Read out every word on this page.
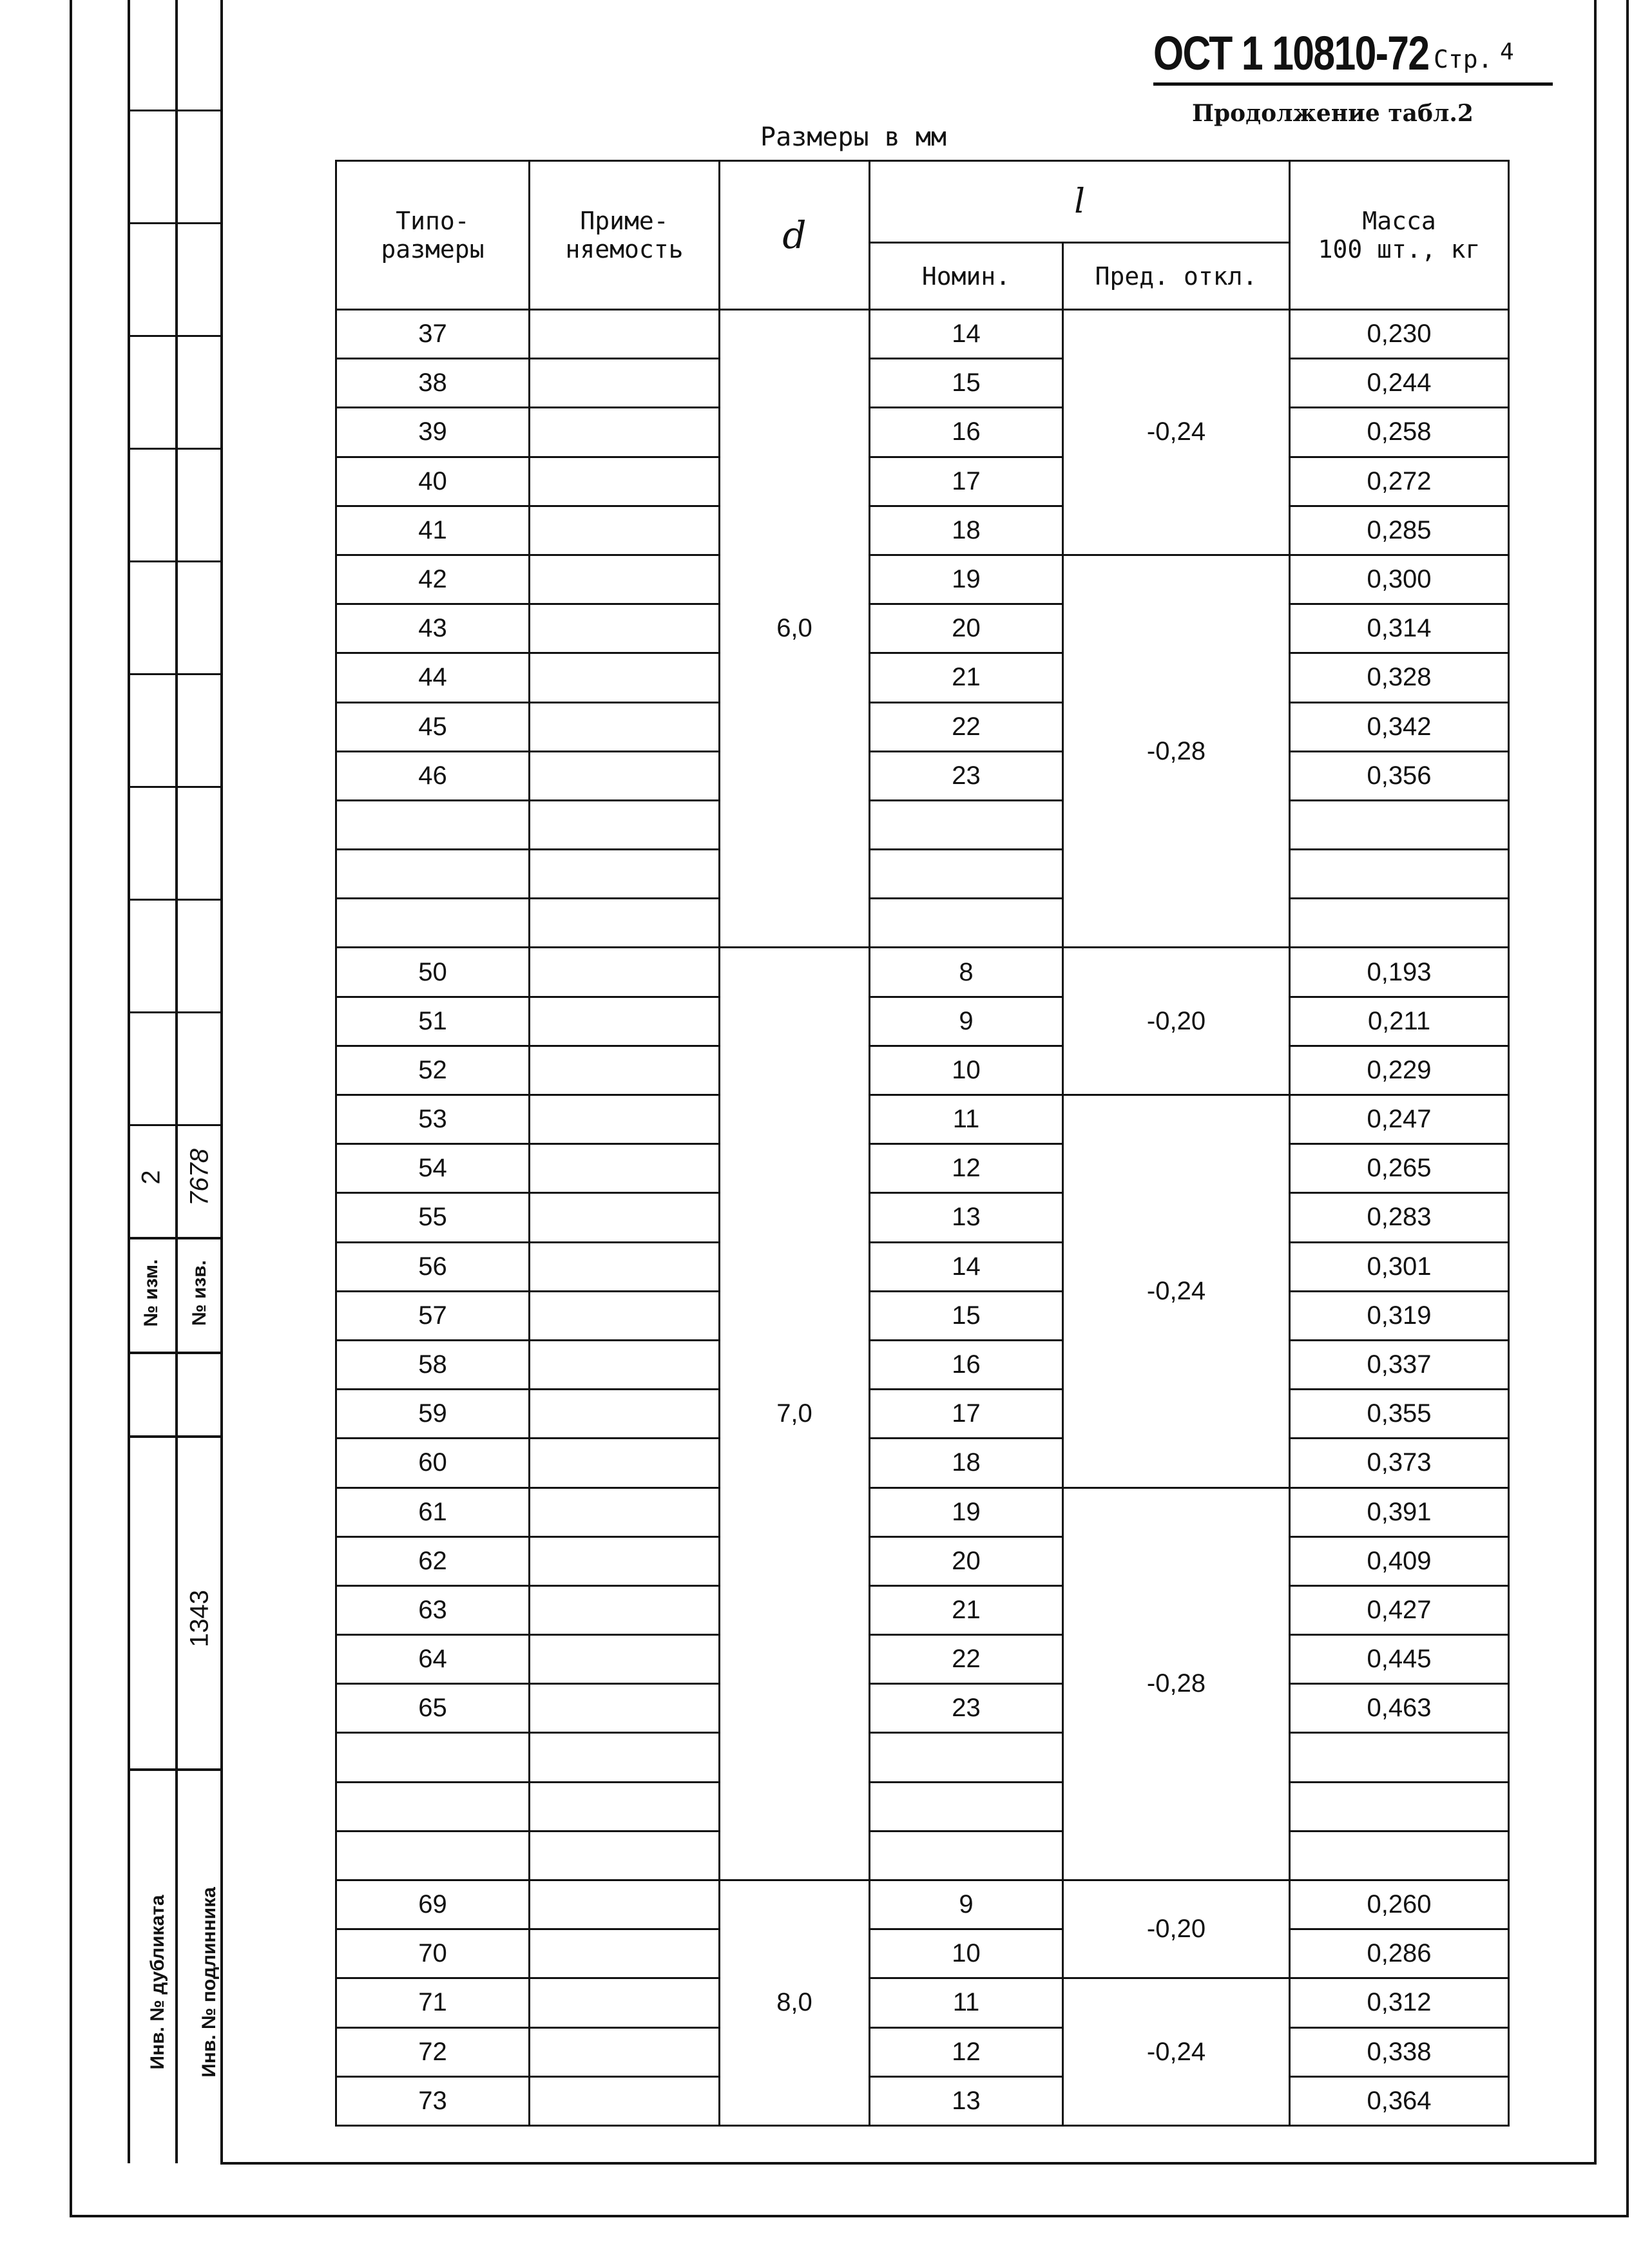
ОСТ 1 10810-72 Стр. 4
Продолжение табл.2
Размеры в мм
2 7678
№ изм. № изв.
1343
Инв. № дубликата Инв. № подлинника
Типо-
размеры	Приме-
няемость	d	l		Масса
100 шт., кг
			Номин.	Пред. откл.	
37		6,0	14	-0,24	0,230
38			15		0,244
39			16		0,258
40			17		0,272
41			18		0,285
42			19	-0,28	0,300
43			20		0,314
44			21		0,328
45			22		0,342
46			23		0,356

50		7,0	8	-0,20	0,193
51			9		0,211
52			10		0,229
53			11	-0,24	0,247
54			12		0,265
55			13		0,283
56			14		0,301
57			15		0,319
58			16		0,337
59			17		0,355
60			18		0,373
61			19	-0,28	0,391
62			20		0,409
63			21		0,427
64			22		0,445
65			23		0,463

69		8,0	9	-0,20	0,260
70			10		0,286
71			11	-0,24	0,312
72			12		0,338
73			13		0,364
